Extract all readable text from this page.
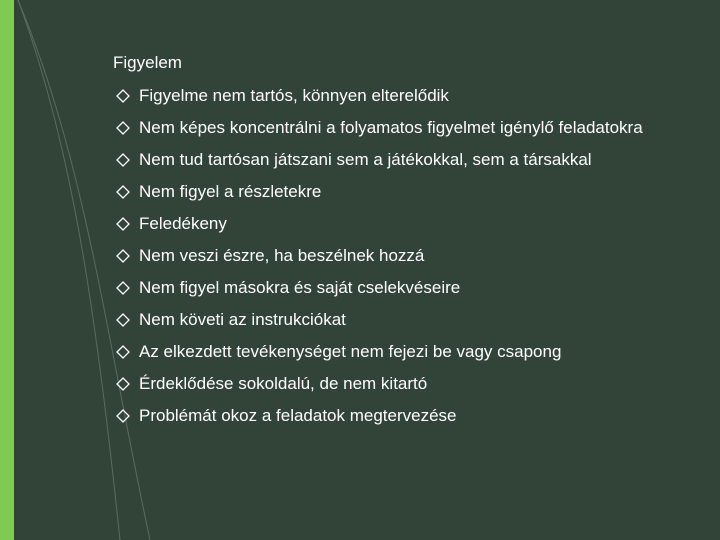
Figyelem
Figyelme nem tartós, könnyen elterelődik
Nem képes koncentrálni a folyamatos figyelmet igénylő feladatokra
Nem tud tartósan játszani sem a játékokkal, sem a társakkal
Nem figyel a részletekre
Feledékeny
Nem veszi észre, ha beszélnek hozzá
Nem figyel másokra és saját cselekvéseire
Nem követi az instrukciókat
Az elkezdett tevékenységet nem fejezi be vagy csapong
Érdeklődése sokoldalú, de nem kitartó
Problémát okoz a feladatok megtervezése
